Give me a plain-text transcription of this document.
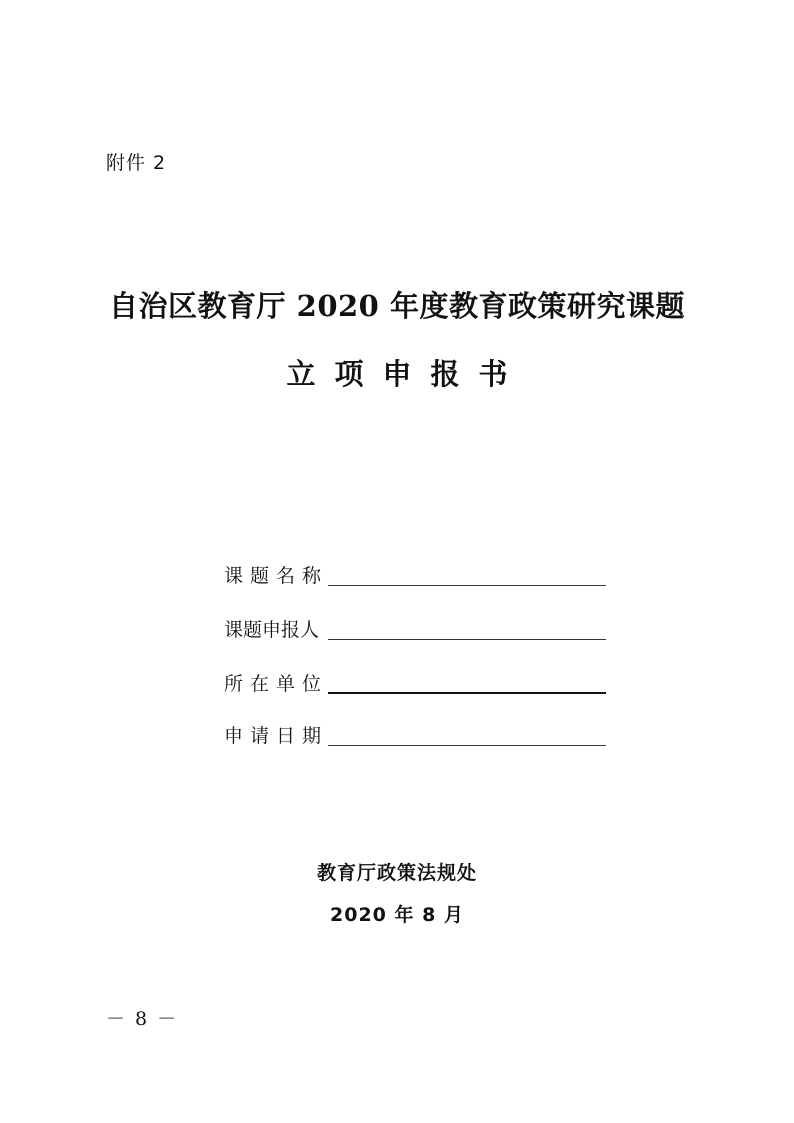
附件 2
自治区教育厅 2020 年度教育政策研究课题
立项申报书
课题名称
课题申报人
所在单位
申请日期
教育厅政策法规处
2020 年 8 月
－ 8 －
